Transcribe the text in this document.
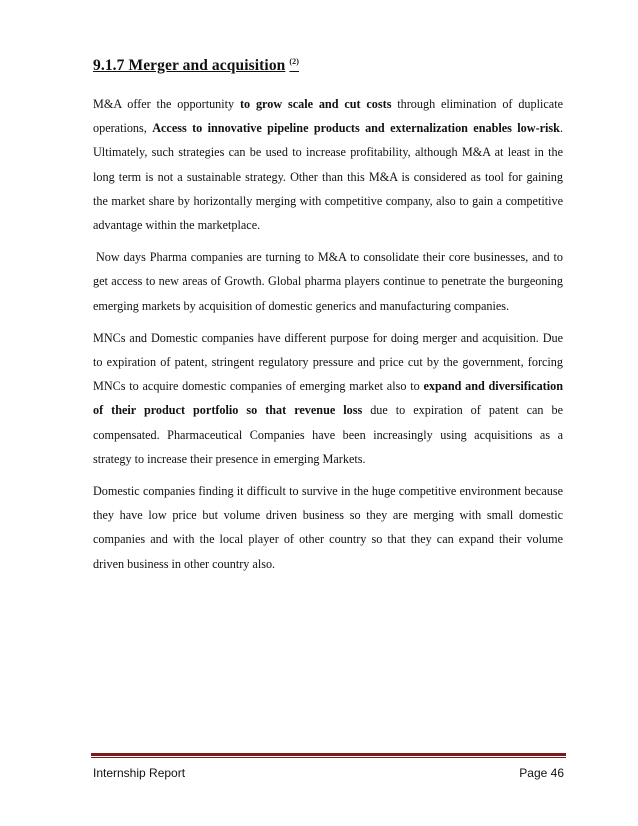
9.1.7 Merger and acquisition $^{(2)}$

M&A offer the opportunity to grow scale and cut costs through elimination of duplicate operations, Access to innovative pipeline products and externalization enables low-risk. Ultimately, such strategies can be used to increase profitability, although M&A at least in the long term is not a sustainable strategy. Other than this M&A is considered as tool for gaining the market share by horizontally merging with competitive company, also to gain a competitive advantage within the marketplace.

Now days Pharma companies are turning to M&A to consolidate their core businesses, and to get access to new areas of Growth. Global pharma players continue to penetrate the burgeoning emerging markets by acquisition of domestic generics and manufacturing companies.

MNCs and Domestic companies have different purpose for doing merger and acquisition. Due to expiration of patent, stringent regulatory pressure and price cut by the government, forcing MNCs to acquire domestic companies of emerging market also to expand and diversification of their product portfolio so that revenue loss due to expiration of patent can be compensated. Pharmaceutical Companies have been increasingly using acquisitions as a strategy to increase their presence in emerging Markets.

Domestic companies finding it difficult to survive in the huge competitive environment because they have low price but volume driven business so they are merging with small domestic companies and with the local player of other country so that they can expand their volume driven business in other country also.

Internship Report	Page 46
